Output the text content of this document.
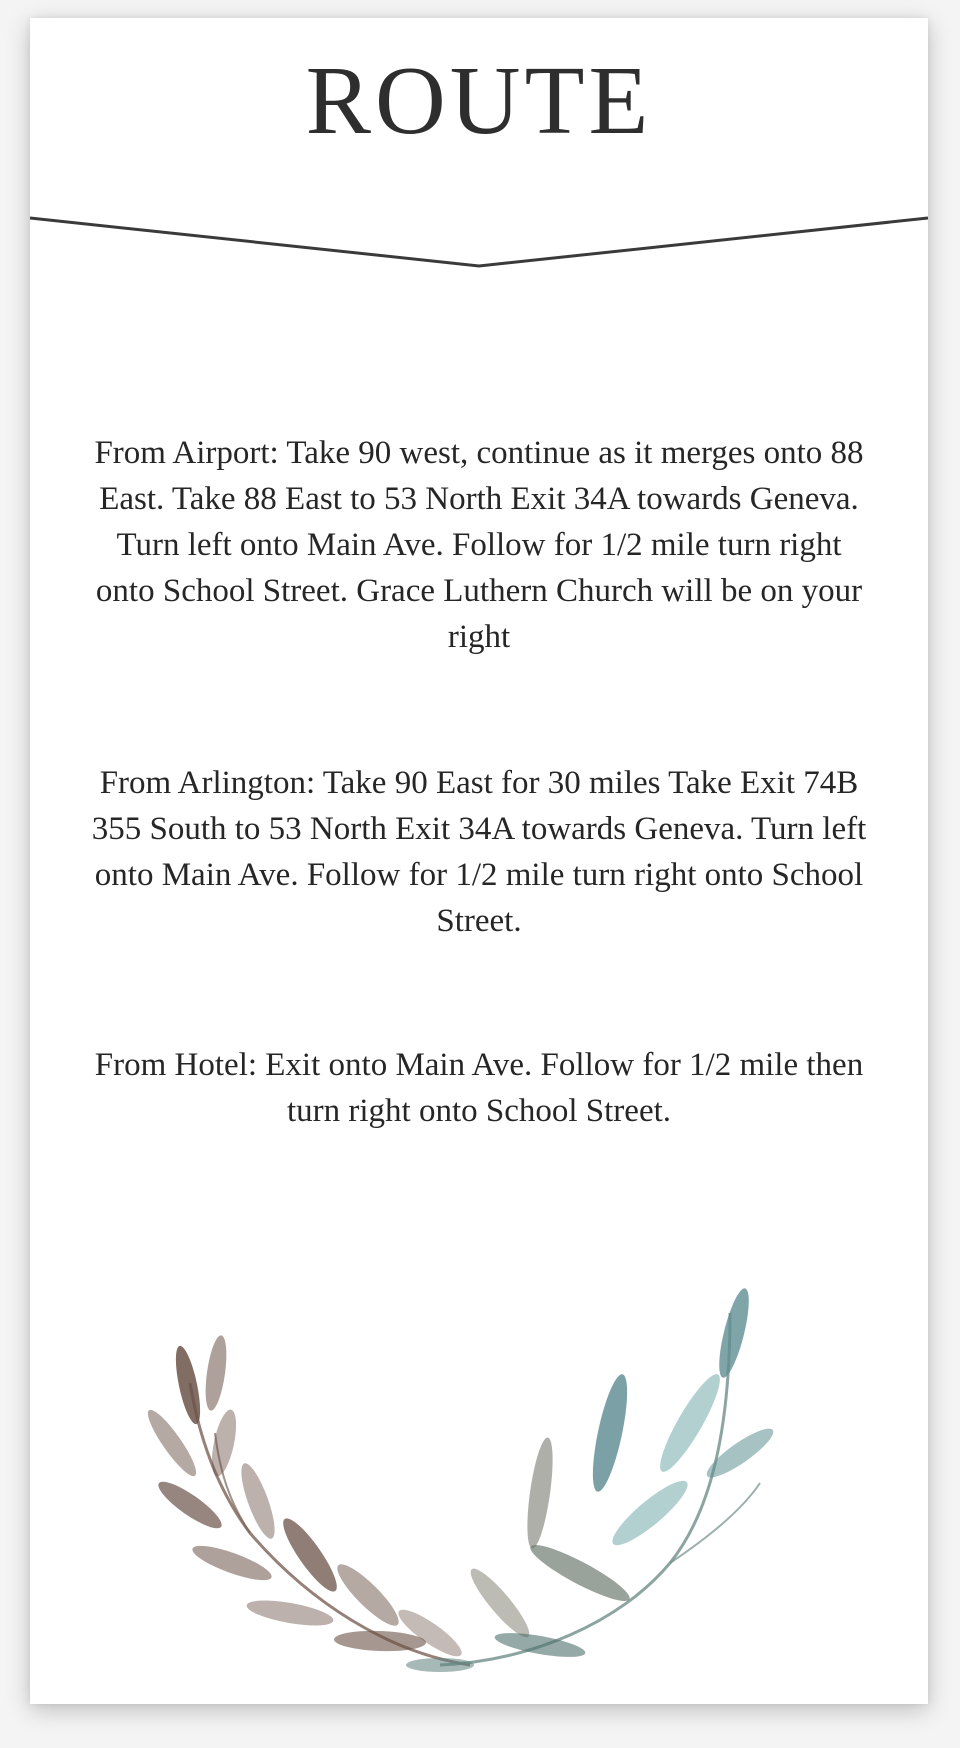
ROUTE
From Airport: Take 90 west, continue as it merges onto 88 East. Take 88 East to 53 North Exit 34A towards Geneva. Turn left onto Main Ave. Follow for 1/2 mile turn right onto School Street. Grace Luthern Church will be on your right
From Arlington: Take 90 East for 30 miles Take Exit 74B 355 South to 53 North Exit 34A towards Geneva. Turn left onto Main Ave. Follow for 1/2 mile turn right onto School Street.
From Hotel: Exit onto Main Ave. Follow for 1/2 mile then turn right onto School Street.
